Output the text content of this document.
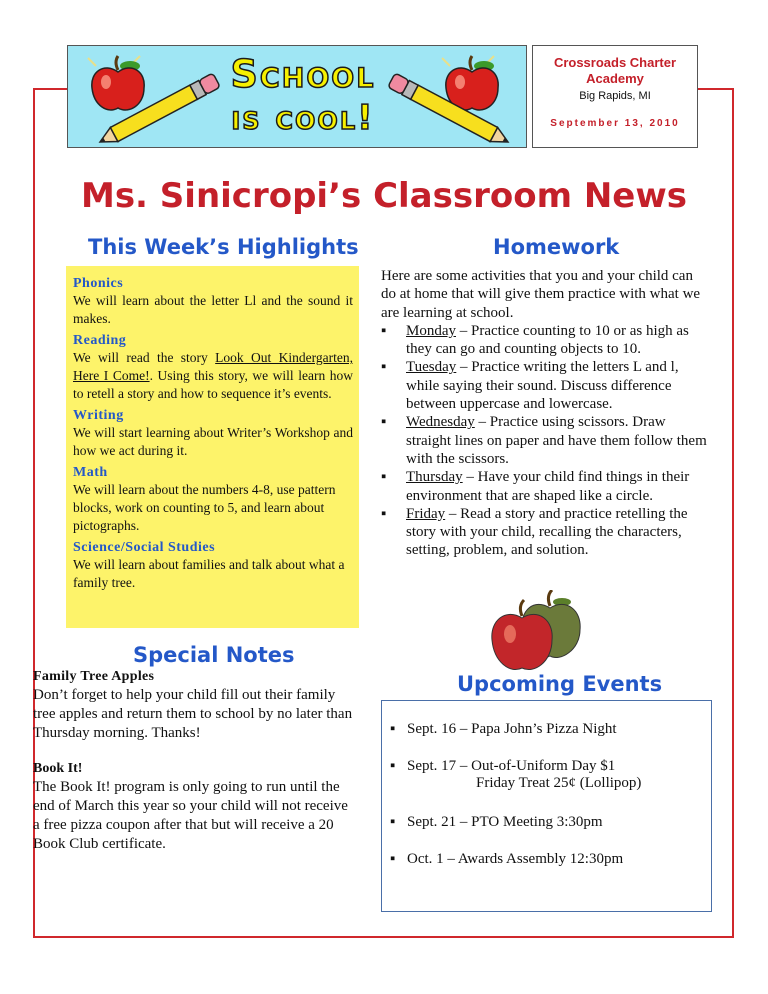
School
is cool!
Crossroads Charter Academy
Big Rapids, MI
September 13, 2010
Ms. Sinicropi’s Classroom News
This Week’s Highlights
Phonics
We will learn about the letter Ll and the sound it makes.
Reading
We will read the story Look Out Kindergarten, Here I Come!. Using this story, we will learn how to retell a story and how to sequence it’s events.
Writing
We will start learning about Writer’s Workshop and how we act during it.
Math
We will learn about the numbers 4-8, use pattern blocks, work on counting to 5, and learn about pictographs.
Science/Social Studies
We will learn about families and talk about what a family tree.
Homework
Here are some activities that you and your child can do at home that will give them practice with what we are learning at school.
▪ Monday – Practice counting to 10 or as high as they can go and counting objects to 10.
▪ Tuesday – Practice writing the letters L and l, while saying their sound. Discuss difference between uppercase and lowercase.
▪ Wednesday – Practice using scissors. Draw straight lines on paper and have them follow them with the scissors.
▪ Thursday – Have your child find things in their environment that are shaped like a circle.
▪ Friday – Read a story and practice retelling the story with your child, recalling the characters, setting, problem, and solution.
Special Notes
Family Tree Apples
Don’t forget to help your child fill out their family tree apples and return them to school by no later than Thursday morning. Thanks!
Book It!
The Book It! program is only going to run until the end of March this year so your child will not receive a free pizza coupon after that but will receive a 20 Book Club certificate.
Upcoming Events
▪ Sept. 16 – Papa John’s Pizza Night
▪ Sept. 17 – Out-of-Uniform Day $1
Friday Treat 25¢ (Lollipop)
▪ Sept. 21 – PTO Meeting 3:30pm
▪ Oct. 1 – Awards Assembly 12:30pm
